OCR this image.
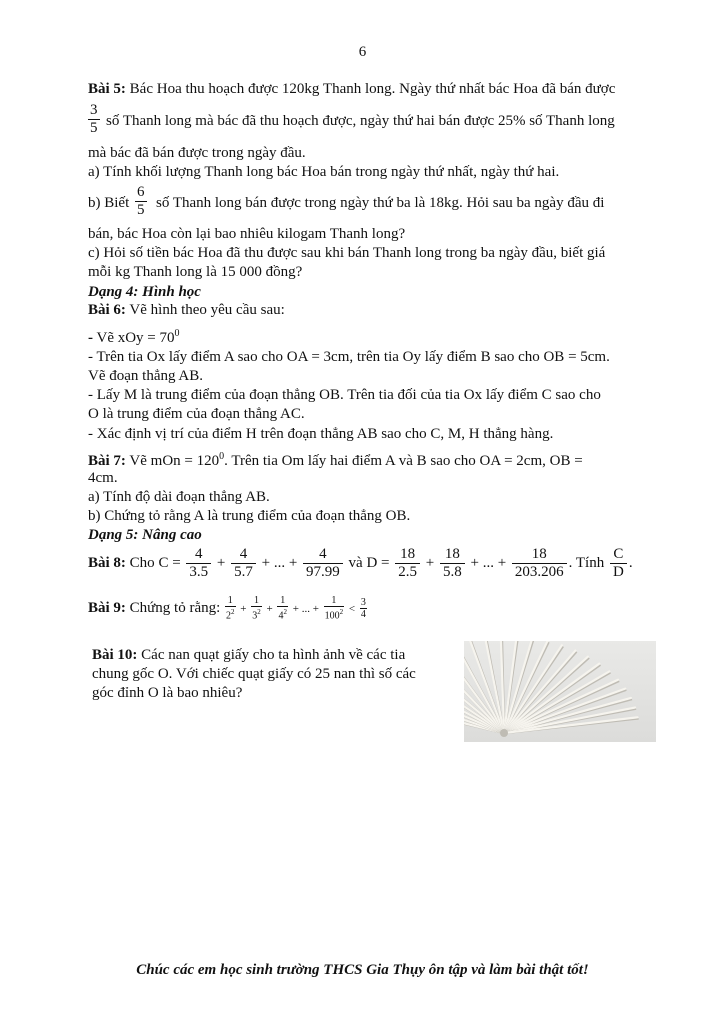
6
Bài 5: Bác Hoa thu hoạch được 120kg Thanh long. Ngày thứ nhất bác Hoa đã bán được
$\frac{3}{5}$ số Thanh long mà bác đã thu hoạch được, ngày thứ hai bán được 25% số Thanh long
mà bác đã bán được trong ngày đầu.
a) Tính khối lượng Thanh long bác Hoa bán trong ngày thứ nhất, ngày thứ hai.
b) Biết $\frac{6}{5}$ số Thanh long bán được trong ngày thứ ba là 18kg. Hỏi sau ba ngày đầu đi
bán, bác Hoa còn lại bao nhiêu kilogam Thanh long?
c) Hỏi số tiền bác Hoa đã thu được sau khi bán Thanh long trong ba ngày đầu, biết giá
mỗi kg Thanh long là 15 000 đồng?
Dạng 4: Hình học
Bài 6: Vẽ hình theo yêu cầu sau:
- Vẽ xOy = $70^0$
- Trên tia Ox lấy điểm A sao cho OA = 3cm, trên tia Oy lấy điểm B sao cho OB = 5cm.
Vẽ đoạn thẳng AB.
- Lấy M là trung điểm của đoạn thẳng OB. Trên tia đối của tia Ox lấy điểm C sao cho
O là trung điểm của đoạn thẳng AC.
- Xác định vị trí của điểm H trên đoạn thẳng AB sao cho C, M, H thẳng hàng.
Bài 7: Vẽ mOn = $120^0$. Trên tia Om lấy hai điểm A và B sao cho OA = 2cm, OB =
4cm.
a) Tính độ dài đoạn thẳng AB.
b) Chứng tỏ rằng A là trung điểm của đoạn thẳng OB.
Dạng 5: Nâng cao
Bài 8: Cho $C = \frac{4}{3.5} + \frac{4}{5.7}$ + ... + $\frac{4}{97.99}$ và $D = \frac{18}{2.5} + \frac{18}{5.8}$ + ... + $\frac{18}{203.206}$ . Tính $\frac{C}{D}$ .
Bài 9: Chứng tỏ rằng: $\frac{1}{2^2} + \frac{1}{3^2} + \frac{1}{4^2}$ + ... + $\frac{1}{100^2} < \frac{3}{4}$
Bài 10: Các nan quạt giấy cho ta hình ảnh về các tia
chung gốc O. Với chiếc quạt giấy có 25 nan thì số các
góc đỉnh O là bao nhiêu?
Chúc các em học sinh trường THCS Gia Thụy ôn tập và làm bài thật tốt!
